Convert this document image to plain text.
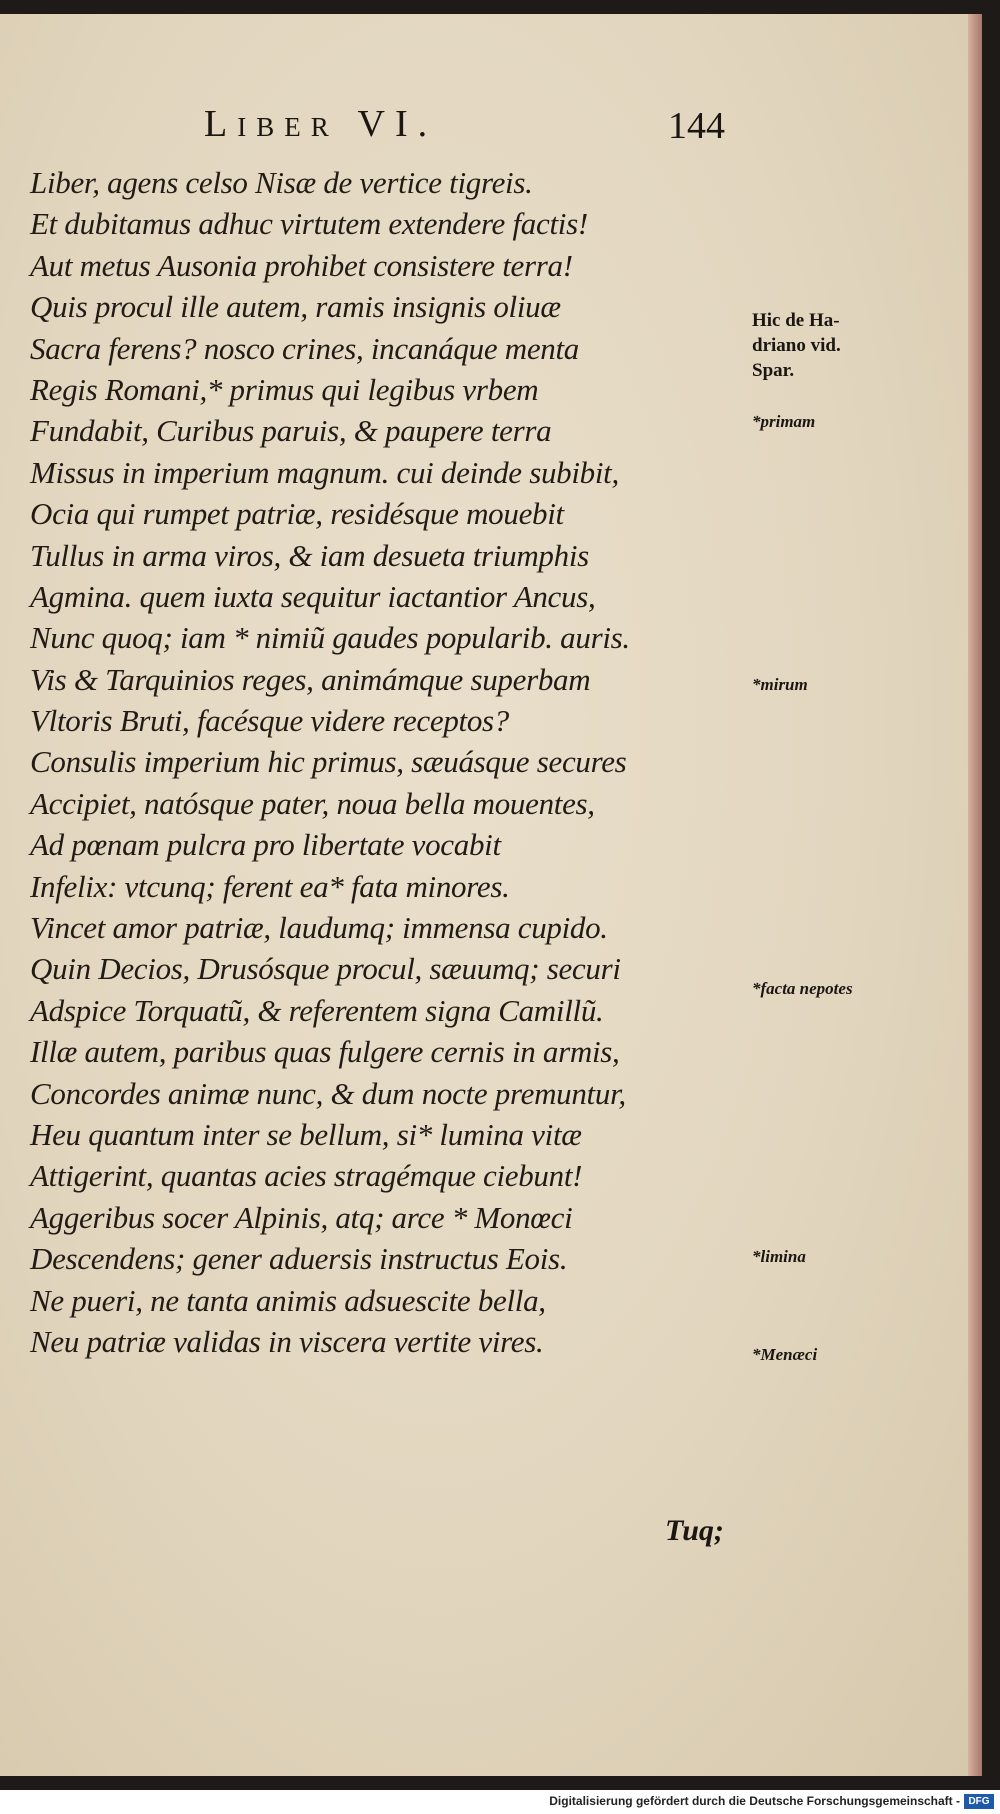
Liber VI.	144
Liber, agens celso Nisæ de vertice tigreis.
Et dubitamus adhuc virtutem extendere factis!
Aut metus Ausonia prohibet consistere terra!
Quis procul ille autem, ramis insignis oliuæ
Sacra ferens? nosco crines, incanáque menta
Regis Romani,* primus qui legibus vrbem
Fundabit, Curibus paruis, & paupere terra
Missus in imperium magnum. cui deinde subibit,
Ocia qui rumpet patriæ, residésque mouebit
Tullus in arma viros, & iam desueta triumphis
Agmina. quem iuxta sequitur iactantior Ancus,
Nunc quoq; iam * nimiũ gaudes popularib. auris.
Vis & Tarquinios reges, animámque superbam
Vltoris Bruti, facésque videre receptos?
Consulis imperium hic primus, sæuásque secures
Accipiet, natósque pater, noua bella mouentes,
Ad pœnam pulcra pro libertate vocabit
Infelix: vtcunq; ferent ea* fata minores.
Vincet amor patriæ, laudumq; immensa cupido.
Quin Decios, Drusósque procul, sæuumq; securi
Adspice Torquatũ, & referentem signa Camillũ.
Illæ autem, paribus quas fulgere cernis in armis,
Concordes animæ nunc, & dum nocte premuntur,
Heu quantum inter se bellum, si* lumina vitæ
Attigerint, quantas acies stragémque ciebunt!
Aggeribus socer Alpinis, atq; arce * Monœci
Descendens; gener aduersis instructus Eois.
Ne pueri, ne tanta animis adsuescite bella,
Neu patriæ validas in viscera vertite vires.
Hic de Ha-
driano vid.
Spar.
*primam
*mirum
*facta nepotes
*limina
*Menæci
Tuq;
Digitalisierung gefördert durch die Deutsche Forschungsgemeinschaft - DFG
